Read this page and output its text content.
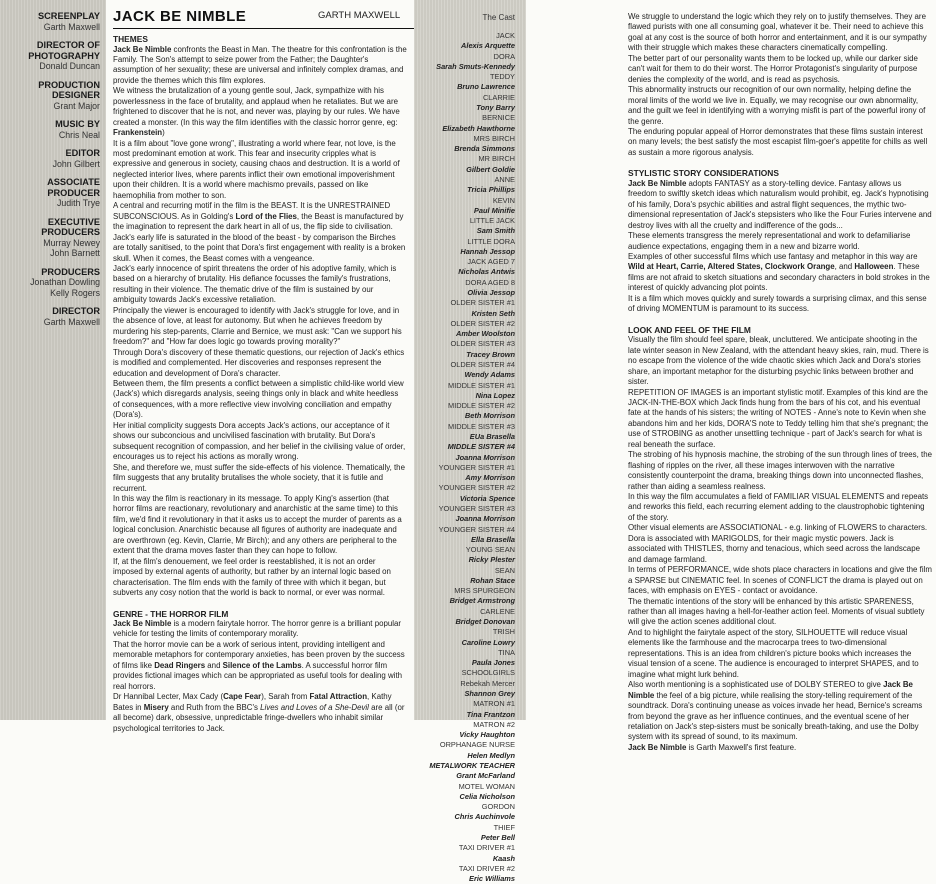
SCREENPLAY
Garth Maxwell
DIRECTOR OF PHOTOGRAPHY
Donald Duncan
PRODUCTION DESIGNER
Grant Major
MUSIC BY
Chris Neal
EDITOR
John Gilbert
ASSOCIATE PRODUCER
Judith Trye
EXECUTIVE PRODUCERS
Murray Newey
John Barnett
PRODUCERS
Jonathan Dowling
Kelly Rogers
DIRECTOR
Garth Maxwell
JACK BE NIMBLE	GARTH MAXWELL
THEMES

Jack Be Nimble confronts the Beast in Man. The theatre for this confrontation is the Family. The Son's attempt to seize power from the Father; the Daughter's assumption of her sexuality; these are universal and infinitely complex dramas, and provide the themes which this film explores.

We witness the brutalization of a young gentle soul, Jack, sympathize with his powerlessness in the face of brutality, and applaud when he retaliates. But we are frightened to discover that he is not, and never was, playing by our rules. We have created a monster. (In this way the film identifies with the classic horror genre, eg: Frankenstein)

It is a film about "love gone wrong", illustrating a world where fear, not love, is the most predominant emotion at work. This fear and insecurity cripples what is expressive and generous in society, causing chaos and destruction. It is a world of neglected interior lives, where parents inflict their own emotional impoverishment upon their children. It is a world where machismo prevails, passed on like haemophilia from mother to son.

A central and recurring motif in the film is the BEAST. It is the UNRESTRAINED SUBCONSCIOUS. As in Golding's Lord of the Flies, the Beast is manufactured by the imagination to represent the dark heart in all of us, the flip side to civilisation.

Jack's early life is saturated in the blood of the beast - by comparison the Birches are totally sanitised, to the point that Dora's first engagement with reality is a broken skull. When it comes, the Beast comes with a vengeance.

Jack's early innocence of spirit threatens the order of his adoptive family, which is based on a hierarchy of brutality. His defiance focusses the family's frustrations, resulting in their violence. The thematic drive of the film is sustained by our ambiguity towards Jack's excessive retaliation.

Principally the viewer is encouraged to identify with Jack's struggle for love, and in the absence of love, at least for autonomy. But when he achieves freedom by murdering his step-parents, Clarrie and Bernice, we must ask: "Can we support his freedom?" and "How far does logic go towards proving morality?"

Through Dora's discovery of these thematic questions, our rejection of Jack's ethics is modified and complemented. Her discoveries and responses represent the education and development of Dora's character.

Between them, the film presents a conflict between a simplistic child-like world view (Jack's) which disregards analysis, seeing things only in black and white heedless of consequences, with a more reflective view involving conciliation and empathy (Dora's).

Her initial complicity suggests Dora accepts Jack's actions, our acceptance of it shows our subconcious and uncivilised fascination with brutality. But Dora's subsequent recognition of compassion, and her belief in the civilising value of order, encourages us to reject his actions as morally wrong.

She, and therefore we, must suffer the side-effects of his violence. Thematically, the film suggests that any brutality brutalises the whole society, that it is futile and recurrent.

In this way the film is reactionary in its message. To apply King's assertion (that horror films are reactionary, revolutionary and anarchistic at the same time) to this film, we'd find it revolutionary in that it asks us to accept the murder of parents as a logical conclusion. Anarchistic because all figures of authority are inadequate and are overthrown (eg. Kevin, Clarrie, Mr Birch); and any others are peripheral to the extent that the drama moves faster than they can hope to follow.

If, at the film's denouement, we feel order is reestablished, it is not an order imposed by external agents of authority, but rather by an internal logic based on characterisation. The film ends with the family of three with which it began, but subverts any cosy notion that the world is back to normal, or ever was normal.

GENRE - THE HORROR FILM

Jack Be Nimble is a modern fairytale horror. The horror genre is a brilliant popular vehicle for testing the limits of contemporary morality.

That the horror movie can be a work of serious intent, providing intelligent and memorable metaphors for contemporary anxieties, has been proven by the success of films like Dead Ringers and Silence of the Lambs. A successful horror film provides fictional images which can be appropriated as useful tools for dealing with real horrors.

Dr Hannibal Lecter, Max Cady (Cape Fear), Sarah from Fatal Attraction, Kathy Bates in Misery and Ruth from the BBC's Lives and Loves of a She-Devil are all (or all become) dark, obsessive, unpredictable fringe-dwellers who inhabit similar psychological territories to Jack.

The Cast
JACK
Alexis Arquette
DORA
Sarah Smuts-Kennedy
TEDDY
Bruno Lawrence
CLARRIE
Tony Barry
BERNICE
Elizabeth Hawthorne
MRS BIRCH
Brenda Simmons
MR BIRCH
Gilbert Goldie
ANNE
Tricia Phillips
KEVIN
Paul Minifie
LITTLE JACK
Sam Smith
LITTLE DORA
Hannah Jessop
JACK AGED 7
Nicholas Antwis
DORA AGED 8
Olivia Jessop
OLDER SISTER #1
Kristen Seth
OLDER SISTER #2
Amber Woolston
OLDER SISTER #3
Tracey Brown
OLDER SISTER #4
Wendy Adams
MIDDLE SISTER #1
Nina Lopez
MIDDLE SISTER #2
Beth Morrison
MIDDLE SISTER #3
EUa Brasella
MIDDLE SISTER #4
Joanna Morrison
YOUNGER SISTER #1
Amy Morrison
YOUNGER SISTER #2
Victoria Spence
YOUNGER SISTER #3
Joanna Morrison
YOUNGER SISTER #4
Ella Brasella
YOUNG SEAN
Ricky Plester
SEAN
Rohan Stace
MRS SPURGEON
Bridget Armstrong
CARLENE
Bridget Donovan
TRISH
Caroline Lowry
TINA
Paula Jones
SCHOOLGIRLS
Rebekah Mercer
Shannon Grey
MATRON #1
Tina Frantzon
MATRON #2
Vicky Haughton
ORPHANAGE NURSE
Helen Medlyn
METALWORK TEACHER
Grant McFarland
MOTEL WOMAN
Celia Nicholson
GORDON
Chris Auchinvole
THIEF
Peter Bell
TAXI DRIVER #1
Kaash
TAXI DRIVER #2
Eric Williams

We struggle to understand the logic which they rely on to justify themselves. They are flawed purists with one all consuming goal, whatever it be. Their need to achieve this goal at any cost is the source of both horror and entertainment, and it is our sympathy with their struggle which makes these characters cinematically compelling.

The better part of our personality wants them to be locked up, while our darker side can't wait for them to do their worst. The Horror Protagonist's singularity of purpose denies the complexity of the world, and is read as psychosis.

This abnormality instructs our recognition of our own normality, helping define the moral limits of the world we live in. Equally, we may recognise our own abnormality, and the guilt we feel in identifying with a worrying misfit is part of the powerful irony of the genre.

The enduring popular appeal of Horror demonstrates that these films sustain interest on many levels; the best satisfy the most escapist film-goer's appetite for chills as well as sustain a more rigorous analysis.

STYLISTIC STORY CONSIDERATIONS

Jack Be Nimble adopts FANTASY as a story-telling device. Fantasy allows us freedom to swiftly sketch ideas which naturalism would prohibit, eg. Jack's hypnotising of his family, Dora's psychic abilities and astral flight sequences, the mythic two-dimensional representation of Jack's stepsisters who like the Four Furies intervene and destroy lives with all the cruelty and indifference of the gods...

These elements transgress the merely representational and work to defamiliarise audience expectations, engaging them in a new and bizarre world.

Examples of other successful films which use fantasy and metaphor in this way are Wild at Heart, Carrie, Altered States, Clockwork Orange, and Halloween. These films are not afraid to sketch situations and secondary characters in bold strokes in the interest of quickly advancing plot points.

It is a film which moves quickly and surely towards a surprising climax, and this sense of driving MOMENTUM is paramount to its success.

LOOK AND FEEL OF THE FILM

Visually the film should feel spare, bleak, uncluttered. We anticipate shooting in the late winter season in New Zealand, with the attendant heavy skies, rain, mud. There is no escape from the violence of the wide chaotic skies which Jack and Dora's stories share, an important metaphor for the disturbing psychic links between brother and sister.

REPETITION OF IMAGES is an important stylistic motif. Examples of this kind are the JACK-IN-THE-BOX which Jack finds hung from the bars of his cot, and his eventual fate at the hands of his sisters; the writing of NOTES - Anne's note to Kevin when she abandons him and her kids, DORA'S note to Teddy telling him that she's pregnant; the use of STROBING as another unsettling technique - part of Jack's search for what is real beneath the surface.

The strobing of his hypnosis machine, the strobing of the sun through lines of trees, the flashing of ripples on the river, all these images interwoven with the narrative consistently counterpoint the drama, breaking things down into unconnected flashes, rather than aiding a seamless realness.

In this way the film accumulates a field of FAMILIAR VISUAL ELEMENTS and repeats and reworks this field, each recurring element adding to the claustrophobic tightening of the story.

Other visual elements are ASSOCIATIONAL - e.g. linking of FLOWERS to characters. Dora is associated with MARIGOLDS, for their magic mystic powers. Jack is associated with THISTLES, thorny and tenacious, which seed across the landscape and damage farmland.

In terms of PERFORMANCE, wide shots place characters in locations and give the film a SPARSE but CINEMATIC feel. In scenes of CONFLICT the drama is played out on faces, with emphasis on EYES - contact or avoidance.

The thematic intentions of the story will be enhanced by this artistic SPARENESS, rather than all images having a hell-for-leather action feel. Moments of visual subtlety will give the action scenes additional clout.

And to highlight the fairytale aspect of the story, SILHOUETTE will reduce visual elements like the farmhouse and the macrocarpa trees to two-dimensional representations. This is an idea from children's picture books which increases the visual tension of a scene. The audience is encouraged to interpret SHAPES, and to imagine what might lurk behind.

Also worth mentioning is a sophisticated use of DOLBY STEREO to give Jack Be Nimble the feel of a big picture, while realising the story-telling requirement of the soundtrack. Dora's continuing unease as voices invade her head, Bernice's screams from beyond the grave as her influence continues, and the eventual scene of her retaliation on Jack's step-sisters must be sonically breath-taking, and use the Dolby system with its spread of sound, to its maximum.

Jack Be Nimble is Garth Maxwell's first feature.
